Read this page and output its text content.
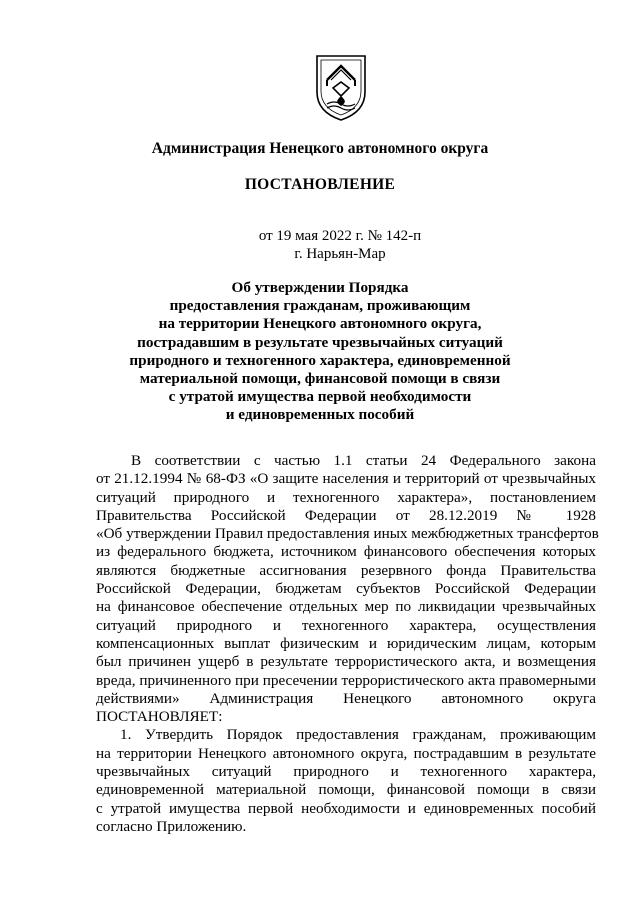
Администрация Ненецкого автономного округа
ПОСТАНОВЛЕНИЕ
от 19 мая 2022 г. № 142-п
г. Нарьян-Мар
Об утверждении Порядка
предоставления гражданам, проживающим
на территории Ненецкого автономного округа,
пострадавшим в результате чрезвычайных ситуаций
природного и техногенного характера, единовременной
материальной помощи, финансовой помощи в связи
с утратой имущества первой необходимости
и единовременных пособий
В соответствии с частью 1.1 статьи 24 Федерального закона
от 21.12.1994 № 68-ФЗ «О защите населения и территорий от чрезвычайных
ситуаций природного и техногенного характера», постановлением
Правительства Российской Федерации от 28.12.2019 № 1928
«Об утверждении Правил предоставления иных межбюджетных трансфертов
из федерального бюджета, источником финансового обеспечения которых
являются бюджетные ассигнования резервного фонда Правительства
Российской Федерации, бюджетам субъектов Российской Федерации
на финансовое обеспечение отдельных мер по ликвидации чрезвычайных
ситуаций природного и техногенного характера, осуществления
компенсационных выплат физическим и юридическим лицам, которым
был причинен ущерб в результате террористического акта, и возмещения
вреда, причиненного при пресечении террористического акта правомерными
действиями» Администрация Ненецкого автономного округа
ПОСТАНОВЛЯЕТ:
1. Утвердить Порядок предоставления гражданам, проживающим
на территории Ненецкого автономного округа, пострадавшим в результате
чрезвычайных ситуаций природного и техногенного характера,
единовременной материальной помощи, финансовой помощи в связи
с утратой имущества первой необходимости и единовременных пособий
согласно Приложению.
